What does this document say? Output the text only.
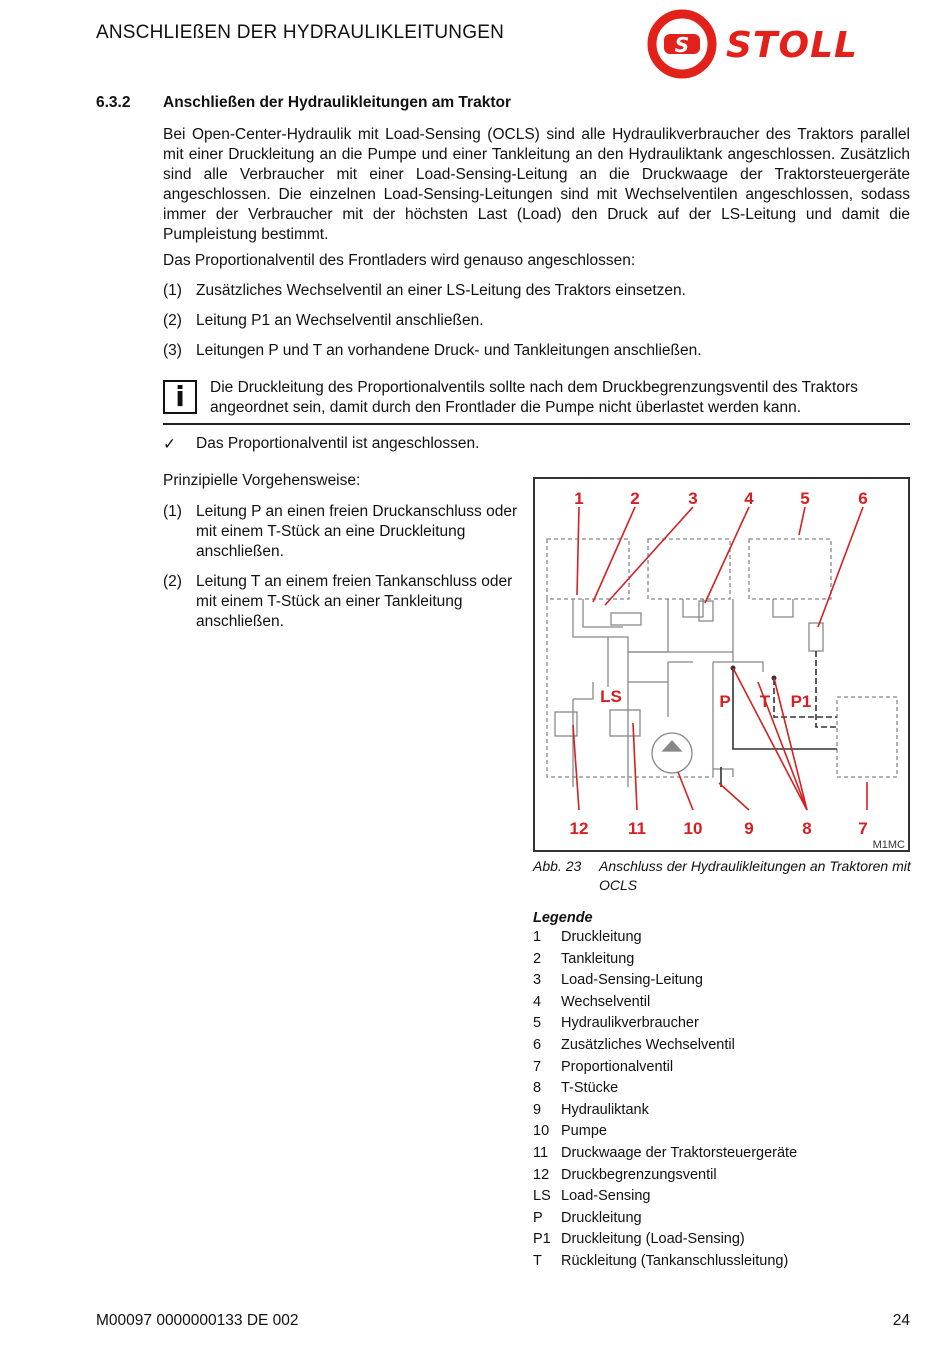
ANSCHLIEßEN DER HYDRAULIKLEITUNGEN
S STOLL
6.3.2 Anschließen der Hydraulikleitungen am Traktor
Bei Open-Center-Hydraulik mit Load-Sensing (OCLS) sind alle Hydraulikverbraucher des Traktors parallel mit einer Druckleitung an die Pumpe und einer Tankleitung an den Hydrauliktank angeschlossen. Zusätzlich sind alle Verbraucher mit einer Load-Sensing-Leitung an die Druckwaage der Traktorsteuergeräte angeschlossen. Die einzelnen Load-Sensing-Leitungen sind mit Wechselventilen angeschlossen, sodass immer der Verbraucher mit der höchsten Last (Load) den Druck auf der LS-Leitung und damit die Pumpleistung bestimmt.
Das Proportionalventil des Frontladers wird genauso angeschlossen:
(1) Zusätzliches Wechselventil an einer LS-Leitung des Traktors einsetzen.
(2) Leitung P1 an Wechselventil anschließen.
(3) Leitungen P und T an vorhandene Druck- und Tankleitungen anschließen.
i	Die Druckleitung des Proportionalventils sollte nach dem Druckbegrenzungsventil des Traktors angeordnet sein, damit durch den Frontlader die Pumpe nicht überlastet werden kann.
✓ Das Proportionalventil ist angeschlossen.
Prinzipielle Vorgehensweise:
(1) Leitung P an einen freien Druckanschluss oder mit einem T-Stück an eine Druckleitung anschließen.
(2) Leitung T an einem freien Tankanschluss oder mit einem T-Stück an einer Tankleitung anschließen.
1	2	3	4	5	6
12 11 10 9	8	7
LS	P T P1
M1MC
Abb. 23 Anschluss der Hydraulikleitungen an Traktoren mit OCLS
Legende
1 Druckleitung
2 Tankleitung
3 Load-Sensing-Leitung
4 Wechselventil
5 Hydraulikverbraucher
6 Zusätzliches Wechselventil
7 Proportionalventil
8 T-Stücke
9 Hydrauliktank
10 Pumpe
11 Druckwaage der Traktorsteuergeräte
12 Druckbegrenzungsventil
LS Load-Sensing
P Druckleitung
P1 Druckleitung (Load-Sensing)
T Rückleitung (Tankanschlussleitung)
M00097 0000000133 DE 002	24
